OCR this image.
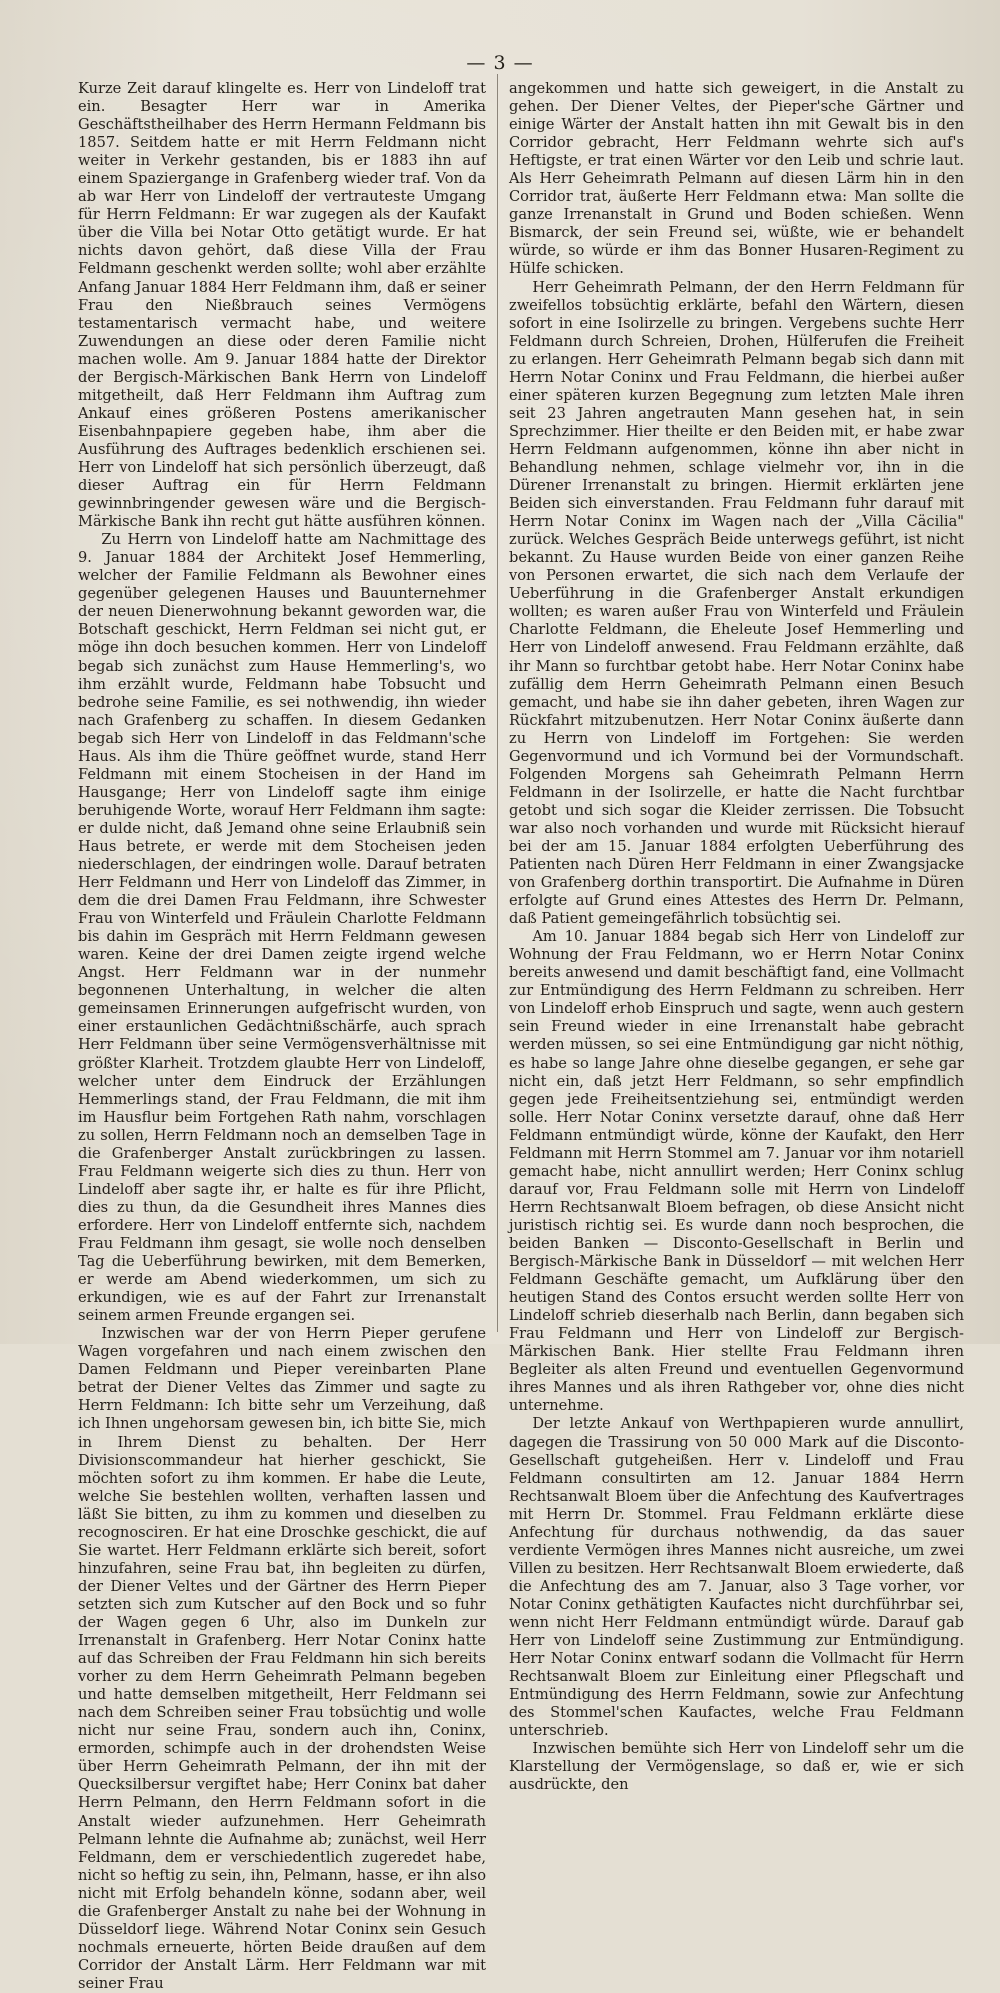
— 3 —

Kurze Zeit darauf klingelte es. Herr von Lindeloff trat ein. Besagter Herr war in Amerika Geschäftstheilhaber des Herrn Hermann Feldmann bis 1857. Seitdem hatte er mit Herrn Feldmann nicht weiter in Verkehr gestanden, bis er 1883 ihn auf einem Spaziergange in Grafenberg wieder traf. Von da ab war Herr von Lindeloff der vertrauteste Umgang für Herrn Feldmann: Er war zugegen als der Kaufakt über die Villa bei Notar Otto getätigt wurde. Er hat nichts davon gehört, daß diese Villa der Frau Feldmann geschenkt werden sollte; wohl aber erzählte Anfang Januar 1884 Herr Feldmann ihm, daß er seiner Frau den Nießbrauch seines Vermögens testamentarisch vermacht habe, und weitere Zuwendungen an diese oder deren Familie nicht machen wolle. Am 9. Januar 1884 hatte der Direktor der Bergisch-Märkischen Bank Herrn von Lindeloff mitgetheilt, daß Herr Feldmann ihm Auftrag zum Ankauf eines größeren Postens amerikanischer Eisenbahnpapiere gegeben habe, ihm aber die Ausführung des Auftrages bedenklich erschienen sei. Herr von Lindeloff hat sich persönlich überzeugt, daß dieser Auftrag ein für Herrn Feldmann gewinnbringender gewesen wäre und die Bergisch-Märkische Bank ihn recht gut hätte ausführen können.

Zu Herrn von Lindeloff hatte am Nachmittage des 9. Januar 1884 der Architekt Josef Hemmerling, welcher der Familie Feldmann als Bewohner eines gegenüber gelegenen Hauses und Bauunternehmer der neuen Dienerwohnung bekannt geworden war, die Botschaft geschickt, Herrn Feldman sei nicht gut, er möge ihn doch besuchen kommen. Herr von Lindeloff begab sich zunächst zum Hause Hemmerling's, wo ihm erzählt wurde, Feldmann habe Tobsucht und bedrohe seine Familie, es sei nothwendig, ihn wieder nach Grafenberg zu schaffen. In diesem Gedanken begab sich Herr von Lindeloff in das Feldmann'sche Haus. Als ihm die Thüre geöffnet wurde, stand Herr Feldmann mit einem Stocheisen in der Hand im Hausgange; Herr von Lindeloff sagte ihm einige beruhigende Worte, worauf Herr Feldmann ihm sagte: er dulde nicht, daß Jemand ohne seine Erlaubniß sein Haus betrete, er werde mit dem Stocheisen jeden niederschlagen, der eindringen wolle. Darauf betraten Herr Feldmann und Herr von Lindeloff das Zimmer, in dem die drei Damen Frau Feldmann, ihre Schwester Frau von Winterfeld und Fräulein Charlotte Feldmann bis dahin im Gespräch mit Herrn Feldmann gewesen waren. Keine der drei Damen zeigte irgend welche Angst. Herr Feldmann war in der nunmehr begonnenen Unterhaltung, in welcher die alten gemeinsamen Erinnerungen aufgefrischt wurden, von einer erstaunlichen Gedächtnißschärfe, auch sprach Herr Feldmann über seine Vermögensverhältnisse mit größter Klarheit. Trotzdem glaubte Herr von Lindeloff, welcher unter dem Eindruck der Erzählungen Hemmerlings stand, der Frau Feldmann, die mit ihm im Hausflur beim Fortgehen Rath nahm, vorschlagen zu sollen, Herrn Feldmann noch an demselben Tage in die Grafenberger Anstalt zurückbringen zu lassen. Frau Feldmann weigerte sich dies zu thun. Herr von Lindeloff aber sagte ihr, er halte es für ihre Pflicht, dies zu thun, da die Gesundheit ihres Mannes dies erfordere. Herr von Lindeloff entfernte sich, nachdem Frau Feldmann ihm gesagt, sie wolle noch denselben Tag die Ueberführung bewirken, mit dem Bemerken, er werde am Abend wiederkommen, um sich zu erkundigen, wie es auf der Fahrt zur Irrenanstalt seinem armen Freunde ergangen sei.

Inzwischen war der von Herrn Pieper gerufene Wagen vorgefahren und nach einem zwischen den Damen Feldmann und Pieper vereinbarten Plane betrat der Diener Veltes das Zimmer und sagte zu Herrn Feldmann: Ich bitte sehr um Verzeihung, daß ich Ihnen ungehorsam gewesen bin, ich bitte Sie, mich in Ihrem Dienst zu behalten. Der Herr Divisionscommandeur hat hierher geschickt, Sie möchten sofort zu ihm kommen. Er habe die Leute, welche Sie bestehlen wollten, verhaften lassen und läßt Sie bitten, zu ihm zu kommen und dieselben zu recognosciren. Er hat eine Droschke geschickt, die auf Sie wartet. Herr Feldmann erklärte sich bereit, sofort hinzufahren, seine Frau bat, ihn begleiten zu dürfen, der Diener Veltes und der Gärtner des Herrn Pieper setzten sich zum Kutscher auf den Bock und so fuhr der Wagen gegen 6 Uhr, also im Dunkeln zur Irrenanstalt in Grafenberg. Herr Notar Coninx hatte auf das Schreiben der Frau Feldmann hin sich bereits vorher zu dem Herrn Geheimrath Pelmann begeben und hatte demselben mitgetheilt, Herr Feldmann sei nach dem Schreiben seiner Frau tobsüchtig und wolle nicht nur seine Frau, sondern auch ihn, Coninx, ermorden, schimpfe auch in der drohendsten Weise über Herrn Geheimrath Pelmann, der ihn mit der Quecksilbersur vergiftet habe; Herr Coninx bat daher Herrn Pelmann, den Herrn Feldmann sofort in die Anstalt wieder aufzunehmen. Herr Geheimrath Pelmann lehnte die Aufnahme ab; zunächst, weil Herr Feldmann, dem er verschiedentlich zugeredet habe, nicht so heftig zu sein, ihn, Pelmann, hasse, er ihn also nicht mit Erfolg behandeln könne, sodann aber, weil die Grafenberger Anstalt zu nahe bei der Wohnung in Düsseldorf liege. Während Notar Coninx sein Gesuch nochmals erneuerte, hörten Beide draußen auf dem Corridor der Anstalt Lärm. Herr Feldmann war mit seiner Frau

angekommen und hatte sich geweigert, in die Anstalt zu gehen. Der Diener Veltes, der Pieper'sche Gärtner und einige Wärter der Anstalt hatten ihn mit Gewalt bis in den Corridor gebracht, Herr Feldmann wehrte sich auf's Heftigste, er trat einen Wärter vor den Leib und schrie laut. Als Herr Geheimrath Pelmann auf diesen Lärm hin in den Corridor trat, äußerte Herr Feldmann etwa: Man sollte die ganze Irrenanstalt in Grund und Boden schießen. Wenn Bismarck, der sein Freund sei, wüßte, wie er behandelt würde, so würde er ihm das Bonner Husaren-Regiment zu Hülfe schicken.

Herr Geheimrath Pelmann, der den Herrn Feldmann für zweifellos tobsüchtig erklärte, befahl den Wärtern, diesen sofort in eine Isolirzelle zu bringen. Vergebens suchte Herr Feldmann durch Schreien, Drohen, Hülferufen die Freiheit zu erlangen. Herr Geheimrath Pelmann begab sich dann mit Herrn Notar Coninx und Frau Feldmann, die hierbei außer einer späteren kurzen Begegnung zum letzten Male ihren seit 23 Jahren angetrauten Mann gesehen hat, in sein Sprechzimmer. Hier theilte er den Beiden mit, er habe zwar Herrn Feldmann aufgenommen, könne ihn aber nicht in Behandlung nehmen, schlage vielmehr vor, ihn in die Dürener Irrenanstalt zu bringen. Hiermit erklärten jene Beiden sich einverstanden. Frau Feldmann fuhr darauf mit Herrn Notar Coninx im Wagen nach der „Villa Cäcilia" zurück. Welches Gespräch Beide unterwegs geführt, ist nicht bekannt. Zu Hause wurden Beide von einer ganzen Reihe von Personen erwartet, die sich nach dem Verlaufe der Ueberführung in die Grafenberger Anstalt erkundigen wollten; es waren außer Frau von Winterfeld und Fräulein Charlotte Feldmann, die Eheleute Josef Hemmerling und Herr von Lindeloff anwesend. Frau Feldmann erzählte, daß ihr Mann so furchtbar getobt habe. Herr Notar Coninx habe zufällig dem Herrn Geheimrath Pelmann einen Besuch gemacht, und habe sie ihn daher gebeten, ihren Wagen zur Rückfahrt mitzubenutzen. Herr Notar Coninx äußerte dann zu Herrn von Lindeloff im Fortgehen: Sie werden Gegenvormund und ich Vormund bei der Vormundschaft. Folgenden Morgens sah Geheimrath Pelmann Herrn Feldmann in der Isolirzelle, er hatte die Nacht furchtbar getobt und sich sogar die Kleider zerrissen. Die Tobsucht war also noch vorhanden und wurde mit Rücksicht hierauf bei der am 15. Januar 1884 erfolgten Ueberführung des Patienten nach Düren Herr Feldmann in einer Zwangsjacke von Grafenberg dorthin transportirt. Die Aufnahme in Düren erfolgte auf Grund eines Attestes des Herrn Dr. Pelmann, daß Patient gemeingefährlich tobsüchtig sei.

Am 10. Januar 1884 begab sich Herr von Lindeloff zur Wohnung der Frau Feldmann, wo er Herrn Notar Coninx bereits anwesend und damit beschäftigt fand, eine Vollmacht zur Entmündigung des Herrn Feldmann zu schreiben. Herr von Lindeloff erhob Einspruch und sagte, wenn auch gestern sein Freund wieder in eine Irrenanstalt habe gebracht werden müssen, so sei eine Entmündigung gar nicht nöthig, es habe so lange Jahre ohne dieselbe gegangen, er sehe gar nicht ein, daß jetzt Herr Feldmann, so sehr empfindlich gegen jede Freiheitsentziehung sei, entmündigt werden solle. Herr Notar Coninx versetzte darauf, ohne daß Herr Feldmann entmündigt würde, könne der Kaufakt, den Herr Feldmann mit Herrn Stommel am 7. Januar vor ihm notariell gemacht habe, nicht annullirt werden; Herr Coninx schlug darauf vor, Frau Feldmann solle mit Herrn von Lindeloff Herrn Rechtsanwalt Bloem befragen, ob diese Ansicht nicht juristisch richtig sei. Es wurde dann noch besprochen, die beiden Banken — Disconto-Gesellschaft in Berlin und Bergisch-Märkische Bank in Düsseldorf — mit welchen Herr Feldmann Geschäfte gemacht, um Aufklärung über den heutigen Stand des Contos ersucht werden sollte Herr von Lindeloff schrieb dieserhalb nach Berlin, dann begaben sich Frau Feldmann und Herr von Lindeloff zur Bergisch-Märkischen Bank. Hier stellte Frau Feldmann ihren Begleiter als alten Freund und eventuellen Gegenvormund ihres Mannes und als ihren Rathgeber vor, ohne dies nicht unternehme.

Der letzte Ankauf von Werthpapieren wurde annullirt, dagegen die Trassirung von 50 000 Mark auf die Disconto-Gesellschaft gutgeheißen. Herr v. Lindeloff und Frau Feldmann consultirten am 12. Januar 1884 Herrn Rechtsanwalt Bloem über die Anfechtung des Kaufvertrages mit Herrn Dr. Stommel. Frau Feldmann erklärte diese Anfechtung für durchaus nothwendig, da das sauer verdiente Vermögen ihres Mannes nicht ausreiche, um zwei Villen zu besitzen. Herr Rechtsanwalt Bloem erwiederte, daß die Anfechtung des am 7. Januar, also 3 Tage vorher, vor Notar Coninx gethätigten Kaufactes nicht durchführbar sei, wenn nicht Herr Feldmann entmündigt würde. Darauf gab Herr von Lindeloff seine Zustimmung zur Entmündigung. Herr Notar Coninx entwarf sodann die Vollmacht für Herrn Rechtsanwalt Bloem zur Einleitung einer Pflegschaft und Entmündigung des Herrn Feldmann, sowie zur Anfechtung des Stommel'schen Kaufactes, welche Frau Feldmann unterschrieb.

Inzwischen bemühte sich Herr von Lindeloff sehr um die Klarstellung der Vermögenslage, so daß er, wie er sich ausdrückte, den
